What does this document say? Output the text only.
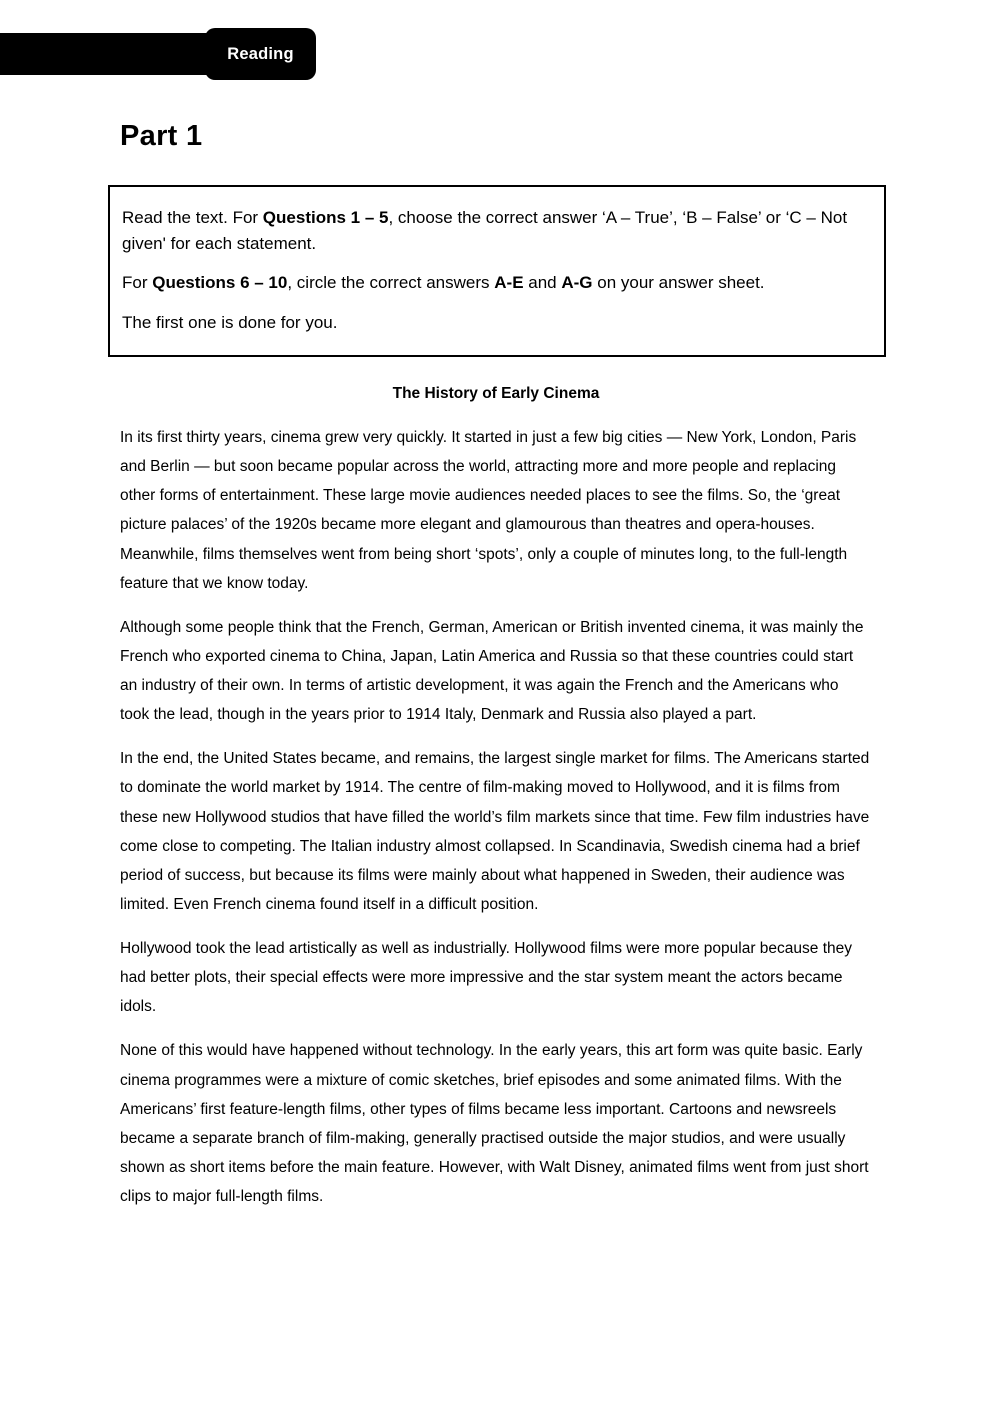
Reading
Part 1

Read the text. For Questions 1 – 5, choose the correct answer ‘A – True’, ‘B – False’ or ‘C – Not given' for each statement.

For Questions 6 – 10, circle the correct answers A-E and A-G on your answer sheet.

The first one is done for you.

The History of Early Cinema

In its first thirty years, cinema grew very quickly. It started in just a few big cities — New York, London, Paris and Berlin — but soon became popular across the world, attracting more and more people and replacing other forms of entertainment. These large movie audiences needed places to see the films. So, the ‘great picture palaces’ of the 1920s became more elegant and glamourous than theatres and opera-houses. Meanwhile, films themselves went from being short ‘spots’, only a couple of minutes long, to the full-length feature that we know today.

Although some people think that the French, German, American or British invented cinema, it was mainly the French who exported cinema to China, Japan, Latin America and Russia so that these countries could start an industry of their own. In terms of artistic development, it was again the French and the Americans who took the lead, though in the years prior to 1914 Italy, Denmark and Russia also played a part.

In the end, the United States became, and remains, the largest single market for films. The Americans started to dominate the world market by 1914. The centre of film-making moved to Hollywood, and it is films from these new Hollywood studios that have filled the world’s film markets since that time. Few film industries have come close to competing. The Italian industry almost collapsed. In Scandinavia, Swedish cinema had a brief period of success, but because its films were mainly about what happened in Sweden, their audience was limited. Even French cinema found itself in a difficult position.

Hollywood took the lead artistically as well as industrially. Hollywood films were more popular because they had better plots, their special effects were more impressive and the star system meant the actors became idols.

None of this would have happened without technology. In the early years, this art form was quite basic. Early cinema programmes were a mixture of comic sketches, brief episodes and some animated films. With the Americans’ first feature-length films, other types of films became less important. Cartoons and newsreels became a separate branch of film-making, generally practised outside the major studios, and were usually shown as short items before the main feature. However, with Walt Disney, animated films went from just short clips to major full-length films.
